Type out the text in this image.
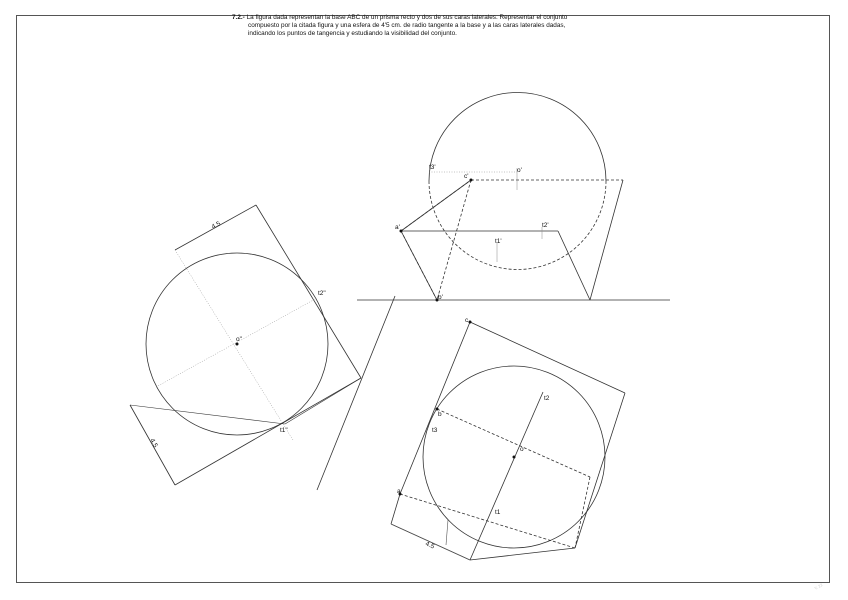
7.2.- La figura dada representan la base ABC de un prisma recto y dos de sus caras laterales. Representar el conjunto
compuesto por la citada figura y una esfera de 4'5 cm. de radio tangente a la base y a las caras laterales dadas,
indicando los puntos de tangencia y estudiando la visibilidad del conjunto.
a'
b'
c'
o'
t1'
t2'
t3'
a
b
c
o
t1
t2
t3
o"
t1"
t2"
4.5
4.5
4.5
Y. 22
